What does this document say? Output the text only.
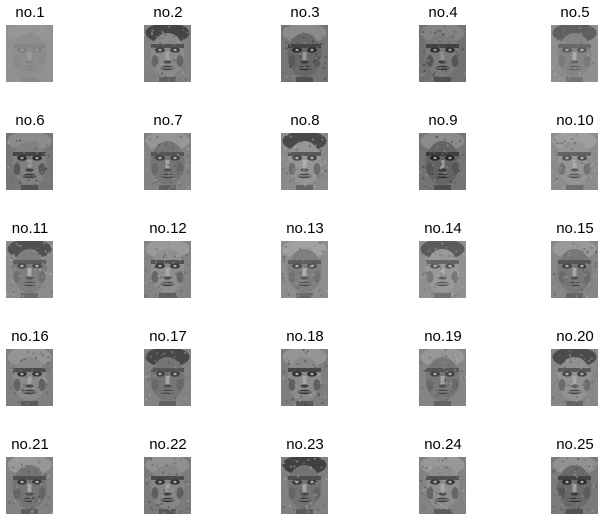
no.1	no.2	no.3	no.4	no.5
no.6	no.7	no.8	no.9	no.10
no.11	no.12	no.13	no.14	no.15
no.16	no.17	no.18	no.19	no.20
no.21	no.22	no.23	no.24	no.25
